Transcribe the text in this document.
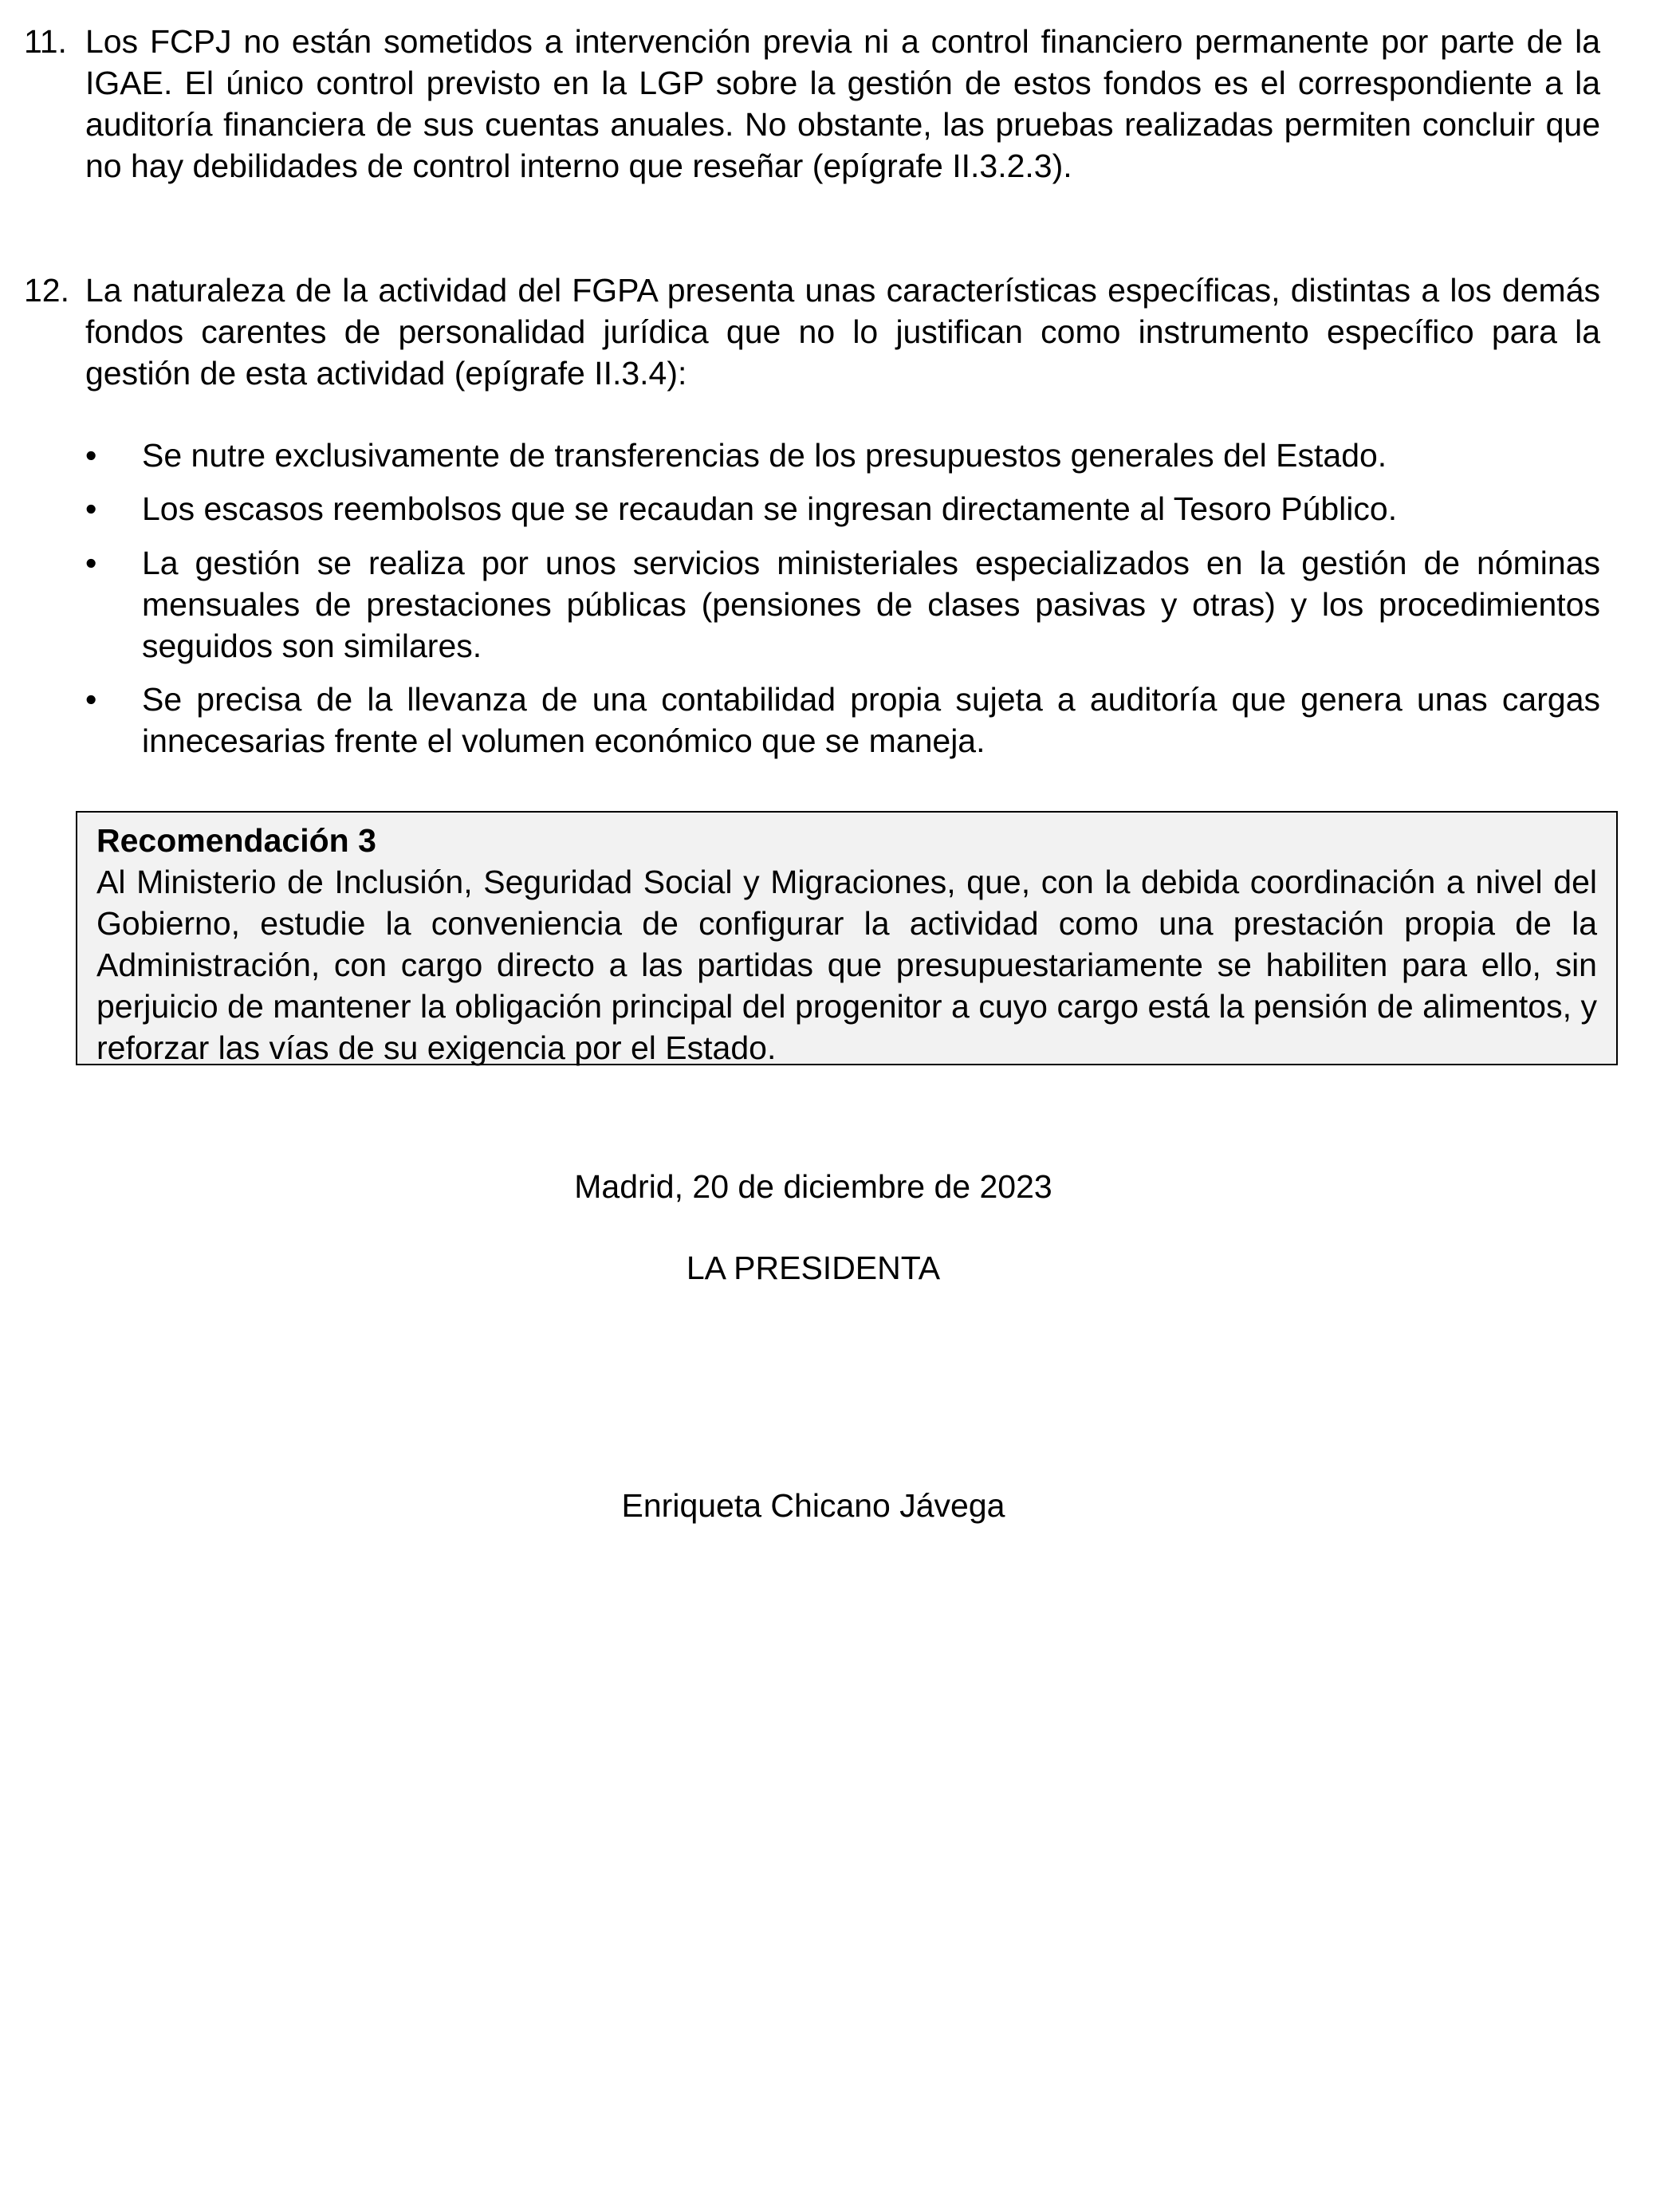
11. Los FCPJ no están sometidos a intervención previa ni a control financiero permanente por parte de la IGAE. El único control previsto en la LGP sobre la gestión de estos fondos es el correspondiente a la auditoría financiera de sus cuentas anuales. No obstante, las pruebas realizadas permiten concluir que no hay debilidades de control interno que reseñar (epígrafe II.3.2.3).
12. La naturaleza de la actividad del FGPA presenta unas características específicas, distintas a los demás fondos carentes de personalidad jurídica que no lo justifican como instrumento específico para la gestión de esta actividad (epígrafe II.3.4):
• Se nutre exclusivamente de transferencias de los presupuestos generales del Estado.
• Los escasos reembolsos que se recaudan se ingresan directamente al Tesoro Público.
• La gestión se realiza por unos servicios ministeriales especializados en la gestión de nóminas mensuales de prestaciones públicas (pensiones de clases pasivas y otras) y los procedimientos seguidos son similares.
• Se precisa de la llevanza de una contabilidad propia sujeta a auditoría que genera unas cargas innecesarias frente el volumen económico que se maneja.
Recomendación 3
Al Ministerio de Inclusión, Seguridad Social y Migraciones, que, con la debida coordinación a nivel del Gobierno, estudie la conveniencia de configurar la actividad como una prestación propia de la Administración, con cargo directo a las partidas que presupuestariamente se habiliten para ello, sin perjuicio de mantener la obligación principal del progenitor a cuyo cargo está la pensión de alimentos, y reforzar las vías de su exigencia por el Estado.
Madrid, 20 de diciembre de 2023
LA PRESIDENTA
Enriqueta Chicano Jávega
